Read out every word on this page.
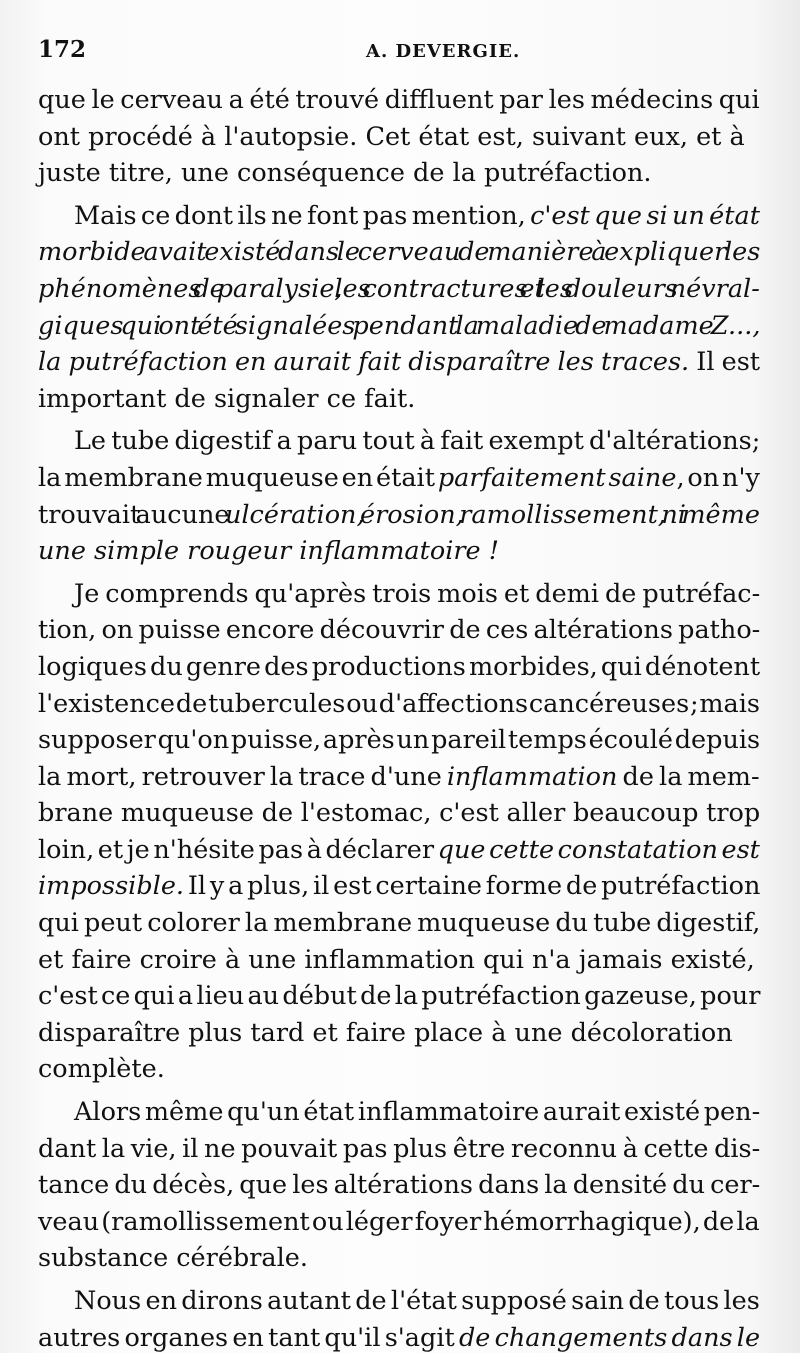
172	A. DEVERGIE.

que le cerveau a été trouvé diffluent par les médecins qui
ont procédé à l'autopsie. Cet état est, suivant eux, et à
juste titre, une conséquence de la putréfaction.

Mais ce dont ils ne font pas mention, c'est que si un état
morbide avait existé dans le cerveau de manière à expliquer les
phénomènes de paralysie, les contractures et les douleurs névral-
giques qui ont été signalées pendant la maladie de madame Z...,
la putréfaction en aurait fait disparaître les traces. Il est
important de signaler ce fait.

Le tube digestif a paru tout à fait exempt d'altérations;
la membrane muqueuse en était parfaitement saine, on n'y
trouvait aucune ulcération, érosion, ramollissement, ni même
une simple rougeur inflammatoire !

Je comprends qu'après trois mois et demi de putréfac-
tion, on puisse encore découvrir de ces altérations patho-
logiques du genre des productions morbides, qui dénotent
l'existence de tubercules ou d'affections cancéreuses ; mais
supposer qu'on puisse, après un pareil temps écoulé depuis
la mort, retrouver la trace d'une inflammation de la mem-
brane muqueuse de l'estomac, c'est aller beaucoup trop
loin, et je n'hésite pas à déclarer que cette constatation est
impossible. Il y a plus, il est certaine forme de putréfaction
qui peut colorer la membrane muqueuse du tube digestif,
et faire croire à une inflammation qui n'a jamais existé,
c'est ce qui a lieu au début de la putréfaction gazeuse, pour
disparaître plus tard et faire place à une décoloration
complète.

Alors même qu'un état inflammatoire aurait existé pen-
dant la vie, il ne pouvait pas plus être reconnu à cette dis-
tance du décès, que les altérations dans la densité du cer-
veau (ramollissement ou léger foyer hémorrhagique), de la
substance cérébrale.

Nous en dirons autant de l'état supposé sain de tous les
autres organes en tant qu'il s'agit de changements dans le
